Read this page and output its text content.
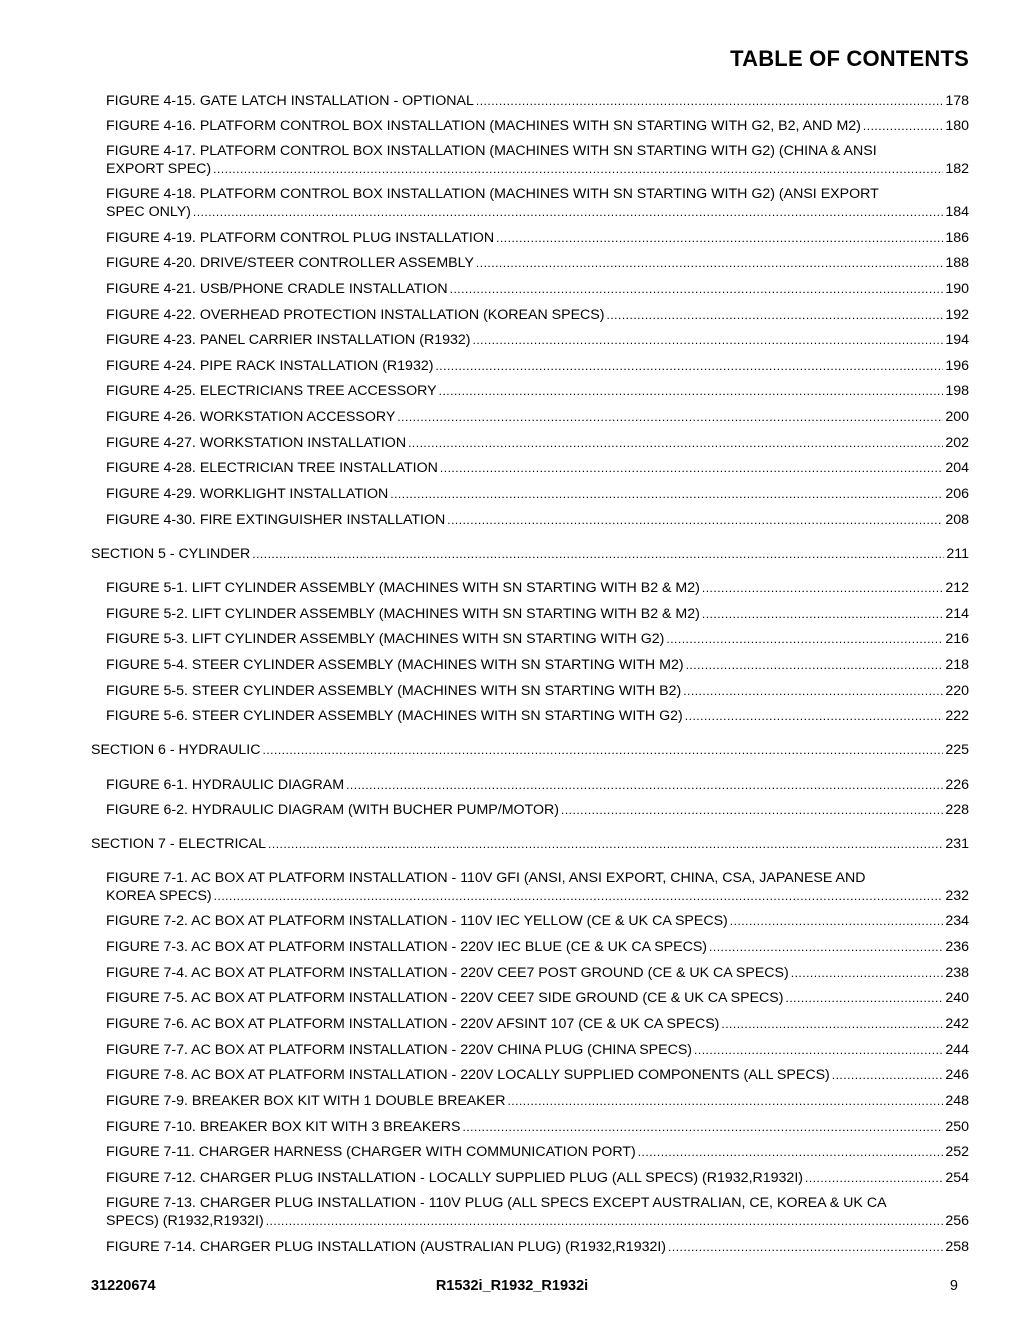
TABLE OF CONTENTS
FIGURE 4-15. GATE LATCH INSTALLATION - OPTIONAL .....	178
FIGURE 4-16. PLATFORM CONTROL BOX INSTALLATION (MACHINES WITH SN STARTING WITH G2, B2, AND M2) .....	180
FIGURE 4-17. PLATFORM CONTROL BOX INSTALLATION (MACHINES WITH SN STARTING WITH G2) (CHINA & ANSI
EXPORT SPEC) .....	182
FIGURE 4-18. PLATFORM CONTROL BOX INSTALLATION (MACHINES WITH SN STARTING WITH G2) (ANSI EXPORT
SPEC ONLY) .....	184
FIGURE 4-19. PLATFORM CONTROL PLUG INSTALLATION .....	186
FIGURE 4-20. DRIVE/STEER CONTROLLER ASSEMBLY .....	188
FIGURE 4-21. USB/PHONE CRADLE INSTALLATION .....	190
FIGURE 4-22. OVERHEAD PROTECTION INSTALLATION (KOREAN SPECS) .....	192
FIGURE 4-23. PANEL CARRIER INSTALLATION (R1932) .....	194
FIGURE 4-24. PIPE RACK INSTALLATION (R1932) .....	196
FIGURE 4-25. ELECTRICIANS TREE ACCESSORY .....	198
FIGURE 4-26. WORKSTATION ACCESSORY .....	200
FIGURE 4-27. WORKSTATION INSTALLATION .....	202
FIGURE 4-28. ELECTRICIAN TREE INSTALLATION .....	204
FIGURE 4-29. WORKLIGHT INSTALLATION .....	206
FIGURE 4-30. FIRE EXTINGUISHER INSTALLATION .....	208
SECTION 5 - CYLINDER .....	211
FIGURE 5-1. LIFT CYLINDER ASSEMBLY (MACHINES WITH SN STARTING WITH B2 & M2) .....	212
FIGURE 5-2. LIFT CYLINDER ASSEMBLY (MACHINES WITH SN STARTING WITH B2 & M2) .....	214
FIGURE 5-3. LIFT CYLINDER ASSEMBLY (MACHINES WITH SN STARTING WITH G2) .....	216
FIGURE 5-4. STEER CYLINDER ASSEMBLY (MACHINES WITH SN STARTING WITH M2) .....	218
FIGURE 5-5. STEER CYLINDER ASSEMBLY (MACHINES WITH SN STARTING WITH B2) .....	220
FIGURE 5-6. STEER CYLINDER ASSEMBLY (MACHINES WITH SN STARTING WITH G2) .....	222
SECTION 6 - HYDRAULIC .....	225
FIGURE 6-1. HYDRAULIC DIAGRAM .....	226
FIGURE 6-2. HYDRAULIC DIAGRAM (WITH BUCHER PUMP/MOTOR) .....	228
SECTION 7 - ELECTRICAL .....	231
FIGURE 7-1. AC BOX AT PLATFORM INSTALLATION - 110V GFI (ANSI, ANSI EXPORT, CHINA, CSA, JAPANESE AND
KOREA SPECS) .....	232
FIGURE 7-2. AC BOX AT PLATFORM INSTALLATION - 110V IEC YELLOW (CE & UK CA SPECS) .....	234
FIGURE 7-3. AC BOX AT PLATFORM INSTALLATION - 220V IEC BLUE (CE & UK CA SPECS) .....	236
FIGURE 7-4. AC BOX AT PLATFORM INSTALLATION - 220V CEE7 POST GROUND (CE & UK CA SPECS) .....	238
FIGURE 7-5. AC BOX AT PLATFORM INSTALLATION - 220V CEE7 SIDE GROUND (CE & UK CA SPECS) .....	240
FIGURE 7-6. AC BOX AT PLATFORM INSTALLATION - 220V AFSINT 107 (CE & UK CA SPECS) .....	242
FIGURE 7-7. AC BOX AT PLATFORM INSTALLATION - 220V CHINA PLUG (CHINA SPECS) .....	244
FIGURE 7-8. AC BOX AT PLATFORM INSTALLATION - 220V LOCALLY SUPPLIED COMPONENTS (ALL SPECS) .....	246
FIGURE 7-9. BREAKER BOX KIT WITH 1 DOUBLE BREAKER .....	248
FIGURE 7-10. BREAKER BOX KIT WITH 3 BREAKERS .....	250
FIGURE 7-11. CHARGER HARNESS (CHARGER WITH COMMUNICATION PORT) .....	252
FIGURE 7-12. CHARGER PLUG INSTALLATION - LOCALLY SUPPLIED PLUG (ALL SPECS) (R1932,R1932I) .....	254
FIGURE 7-13. CHARGER PLUG INSTALLATION - 110V PLUG (ALL SPECS EXCEPT AUSTRALIAN, CE, KOREA & UK CA
SPECS) (R1932,R1932I) .....	256
FIGURE 7-14. CHARGER PLUG INSTALLATION (AUSTRALIAN PLUG) (R1932,R1932I) .....	258
31220674	R1532i_R1932_R1932i	9
